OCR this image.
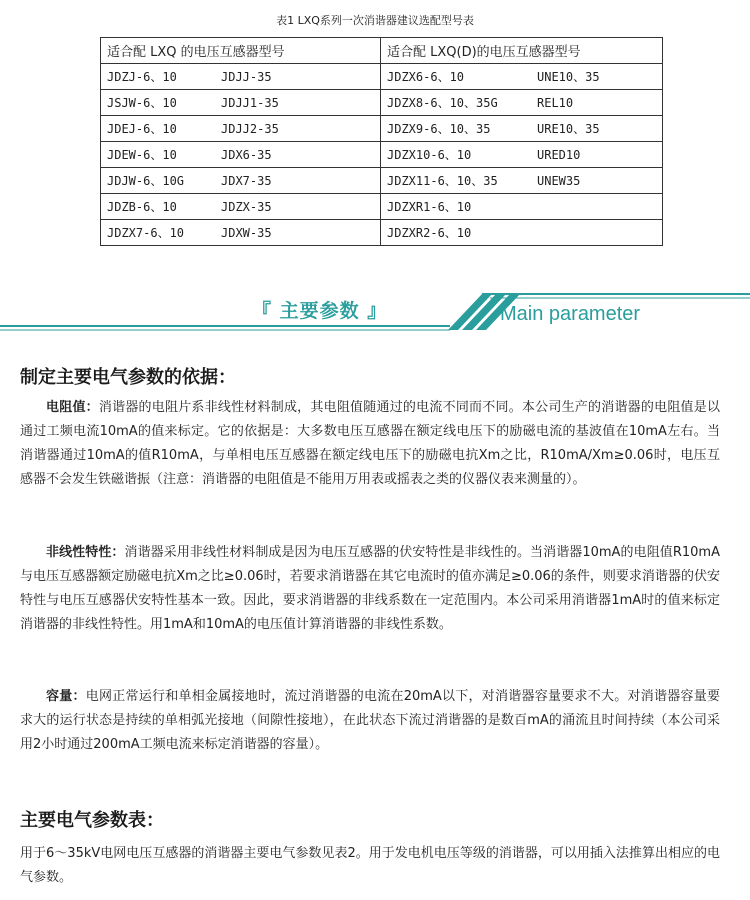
表1 LXQ系列一次消谐器建议选配型号表
适合配 LXQ 的电压互感器型号	适合配 LXQ(D)的电压互感器型号
JDZJ-6、10 JDJJ-35	JDZX6-6、10 UNE10、35
JSJW-6、10 JDJJ1-35	JDZX8-6、10、35G REL10
JDEJ-6、10 JDJJ2-35	JDZX9-6、10、35 URE10、35
JDEW-6、10 JDX6-35	JDZX10-6、10 URED10
JDJW-6、10G JDX7-35	JDZX11-6、10、35 UNEW35
JDZB-6、10 JDZX-35	JDZXR1-6、10
JDZX7-6、10 JDXW-35	JDZXR2-6、10
『 主要参数 』	Main parameter
制定主要电气参数的依据：

电阻值：消谐器的电阻片系非线性材料制成，其电阻值随通过的电流不同而不同。本公司生产的消谐器的电阻值是以通过工频电流10mA的值来标定。它的依据是：大多数电压互感器在额定线电压下的励磁电流的基波值在10mA左右。当消谐器通过10mA的值R10mA，与单相电压互感器在额定线电压下的励磁电抗Xm之比，R10mA/Xm≥0.06时，电压互感器不会发生铁磁谐振（注意：消谐器的电阻值是不能用万用表或摇表之类的仪器仪表来测量的）。

非线性特性：消谐器采用非线性材料制成是因为电压互感器的伏安特性是非线性的。当消谐器10mA的电阻值R10mA与电压互感器额定励磁电抗Xm之比≥0.06时，若要求消谐器在其它电流时的值亦满足≥0.06的条件，则要求消谐器的伏安特性与电压互感器伏安特性基本一致。因此，要求消谐器的非线系数在一定范围内。本公司采用消谐器1mA时的值来标定消谐器的非线性特性。用1mA和10mA的电压值计算消谐器的非线性系数。

容量：电网正常运行和单相金属接地时，流过消谐器的电流在20mA以下，对消谐器容量要求不大。对消谐器容量要求大的运行状态是持续的单相弧光接地（间隙性接地），在此状态下流过消谐器的是数百mA的涌流且时间持续（本公司采用2小时通过200mA工频电流来标定消谐器的容量）。

主要电气参数表：

用于6～35kV电网电压互感器的消谐器主要电气参数见表2。用于发电机电压等级的消谐器，可以用插入法推算出相应的电气参数。
